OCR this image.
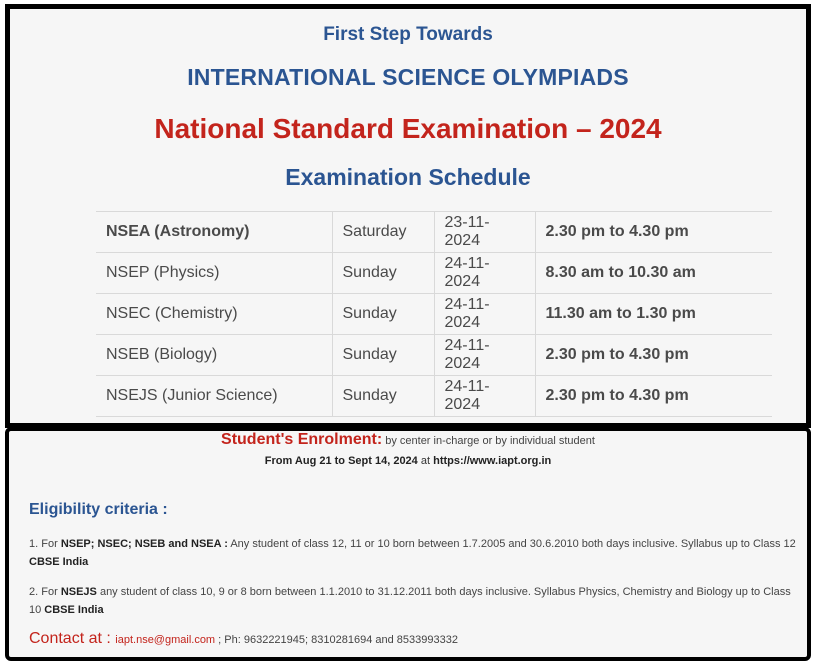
First Step Towards
INTERNATIONAL SCIENCE OLYMPIADS
National Standard Examination – 2024
Examination Schedule
NSEA (Astronomy)	Saturday	23-11-2024	2.30 pm to 4.30 pm
NSEP (Physics)	Sunday	24-11-2024	8.30 am to 10.30 am
NSEC (Chemistry)	Sunday	24-11-2024	11.30 am to 1.30 pm
NSEB (Biology)	Sunday	24-11-2024	2.30 pm to 4.30 pm
NSEJS (Junior Science)	Sunday	24-11-2024	2.30 pm to 4.30 pm
Student's Enrolment: by center in-charge or by individual student
From Aug 21 to Sept 14, 2024 at https://www.iapt.org.in
Eligibility criteria :
1. For NSEP; NSEC; NSEB and NSEA : Any student of class 12, 11 or 10 born between 1.7.2005 and 30.6.2010 both days inclusive. Syllabus up to Class 12 CBSE India
2. For NSEJS any student of class 10, 9 or 8 born between 1.1.2010 to 31.12.2011 both days inclusive. Syllabus Physics, Chemistry and Biology up to Class 10 CBSE India
Contact at : iapt.nse@gmail.com ; Ph: 9632221945; 8310281694 and 8533993332
